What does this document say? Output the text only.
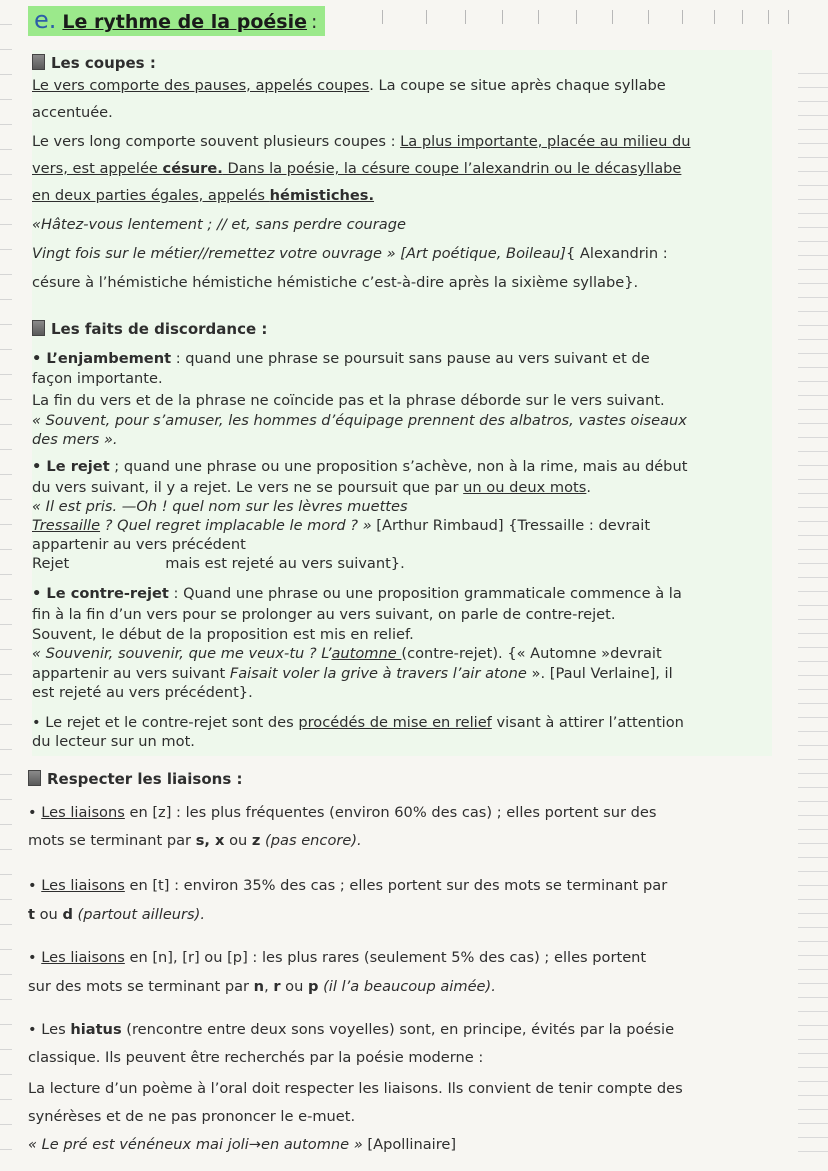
e. Le rythme de la poésie :
Les coupes :
Le vers comporte des pauses, appelés coupes. La coupe se situe après chaque syllabe
accentuée.
Le vers long comporte souvent plusieurs coupes : La plus importante, placée au milieu du
vers, est appelée césure. Dans la poésie, la césure coupe l’alexandrin ou le décasyllabe
en deux parties égales, appelés hémistiches.
«Hâtez-vous lentement ; // et, sans perdre courage
Vingt fois sur le métier//remettez votre ouvrage » [Art poétique, Boileau]{ Alexandrin :
césure à l’hémistiche hémistiche hémistiche c’est-à-dire après la sixième syllabe}.
Les faits de discordance :
• L’enjambement : quand une phrase se poursuit sans pause au vers suivant et de
façon importante.
La fin du vers et de la phrase ne coïncide pas et la phrase déborde sur le vers suivant.
« Souvent, pour s’amuser, les hommes d’équipage prennent des albatros, vastes oiseaux
des mers ».
• Le rejet ; quand une phrase ou une proposition s’achève, non à la rime, mais au début
du vers suivant, il y a rejet. Le vers ne se poursuit que par un ou deux mots.
« Il est pris. —Oh ! quel nom sur les lèvres muettes
Tressaille ? Quel regret implacable le mord ? » [Arthur Rimbaud] {Tressaille : devrait
appartenir au vers précédent
Rejet	mais est rejeté au vers suivant}.
• Le contre-rejet : Quand une phrase ou une proposition grammaticale commence à la
fin à la fin d’un vers pour se prolonger au vers suivant, on parle de contre-rejet.
Souvent, le début de la proposition est mis en relief.
« Souvenir, souvenir, que me veux-tu ? L’automne (contre-rejet). {« Automne »devrait
appartenir au vers suivant Faisait voler la grive à travers l’air atone ». [Paul Verlaine], il
est rejeté au vers précédent}.
• Le rejet et le contre-rejet sont des procédés de mise en relief visant à attirer l’attention
du lecteur sur un mot.
Respecter les liaisons :
• Les liaisons en [z] : les plus fréquentes (environ 60% des cas) ; elles portent sur des
mots se terminant par s, x ou z (pas encore).
• Les liaisons en [t] : environ 35% des cas ; elles portent sur des mots se terminant par
t ou d (partout ailleurs).
• Les liaisons en [n], [r] ou [p] : les plus rares (seulement 5% des cas) ; elles portent
sur des mots se terminant par n, r ou p (il l’a beaucoup aimée).
• Les hiatus (rencontre entre deux sons voyelles) sont, en principe, évités par la poésie
classique. Ils peuvent être recherchés par la poésie moderne :
La lecture d’un poème à l’oral doit respecter les liaisons. Ils convient de tenir compte des
synérèses et de ne pas prononcer le e-muet.
« Le pré est vénéneux mai joli→en automne » [Apollinaire]
